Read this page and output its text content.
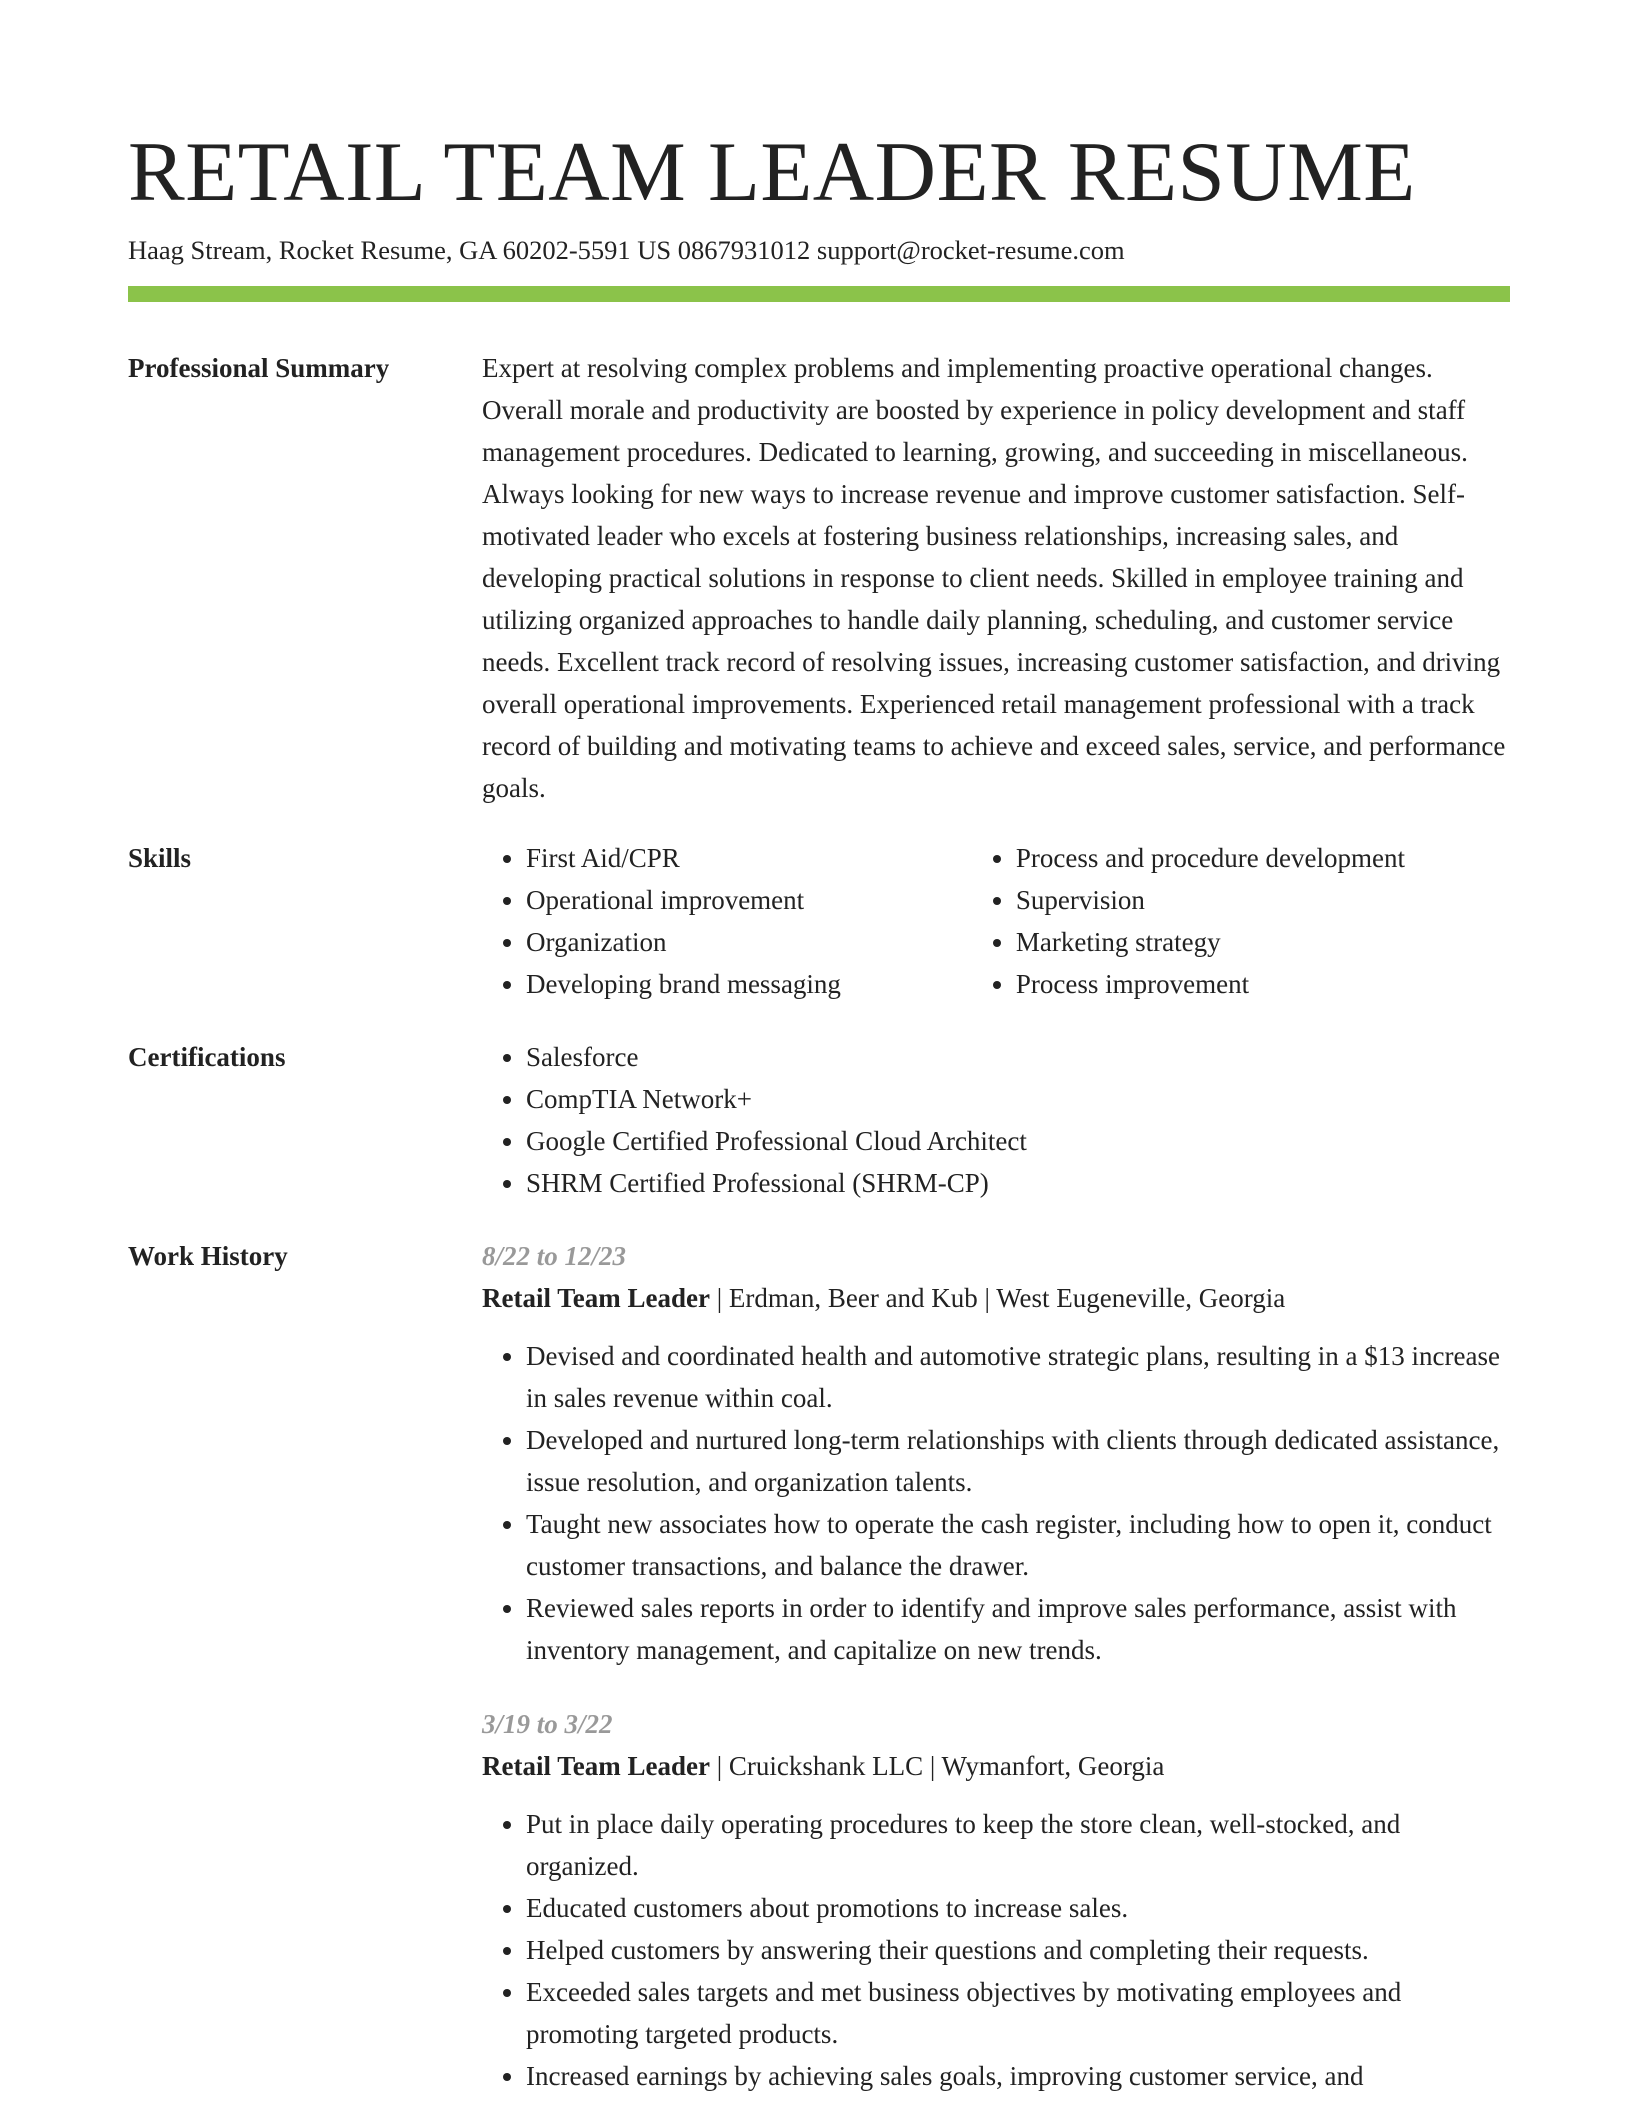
RETAIL TEAM LEADER RESUME
Haag Stream, Rocket Resume, GA 60202-5591 US 0867931012 support@rocket-resume.com
Professional Summary	Expert at resolving complex problems and implementing proactive operational changes. Overall morale and productivity are boosted by experience in policy development and staff management procedures. Dedicated to learning, growing, and succeeding in miscellaneous. Always looking for new ways to increase revenue and improve customer satisfaction. Self-motivated leader who excels at fostering business relationships, increasing sales, and developing practical solutions in response to client needs. Skilled in employee training and utilizing organized approaches to handle daily planning, scheduling, and customer service needs. Excellent track record of resolving issues, increasing customer satisfaction, and driving overall operational improvements. Experienced retail management professional with a track record of building and motivating teams to achieve and exceed sales, service, and performance goals.

Skills	• First Aid/CPR
• Operational improvement
• Organization
• Developing brand messaging
• Process and procedure development
• Supervision
• Marketing strategy
• Process improvement
Certifications	• Salesforce
• CompTIA Network+
• Google Certified Professional Cloud Architect
• SHRM Certified Professional (SHRM-CP)
Work History	8/22 to 12/23
Retail Team Leader | Erdman, Beer and Kub | West Eugeneville, Georgia
• Devised and coordinated health and automotive strategic plans, resulting in a $13 increase in sales revenue within coal.
• Developed and nurtured long-term relationships with clients through dedicated assistance, issue resolution, and organization talents.
• Taught new associates how to operate the cash register, including how to open it, conduct customer transactions, and balance the drawer.
• Reviewed sales reports in order to identify and improve sales performance, assist with inventory management, and capitalize on new trends.
3/19 to 3/22
Retail Team Leader | Cruickshank LLC | Wymanfort, Georgia
• Put in place daily operating procedures to keep the store clean, well-stocked, and organized.
• Educated customers about promotions to increase sales.
• Helped customers by answering their questions and completing their requests.
• Exceeded sales targets and met business objectives by motivating employees and promoting targeted products.
• Increased earnings by achieving sales goals, improving customer service, and
